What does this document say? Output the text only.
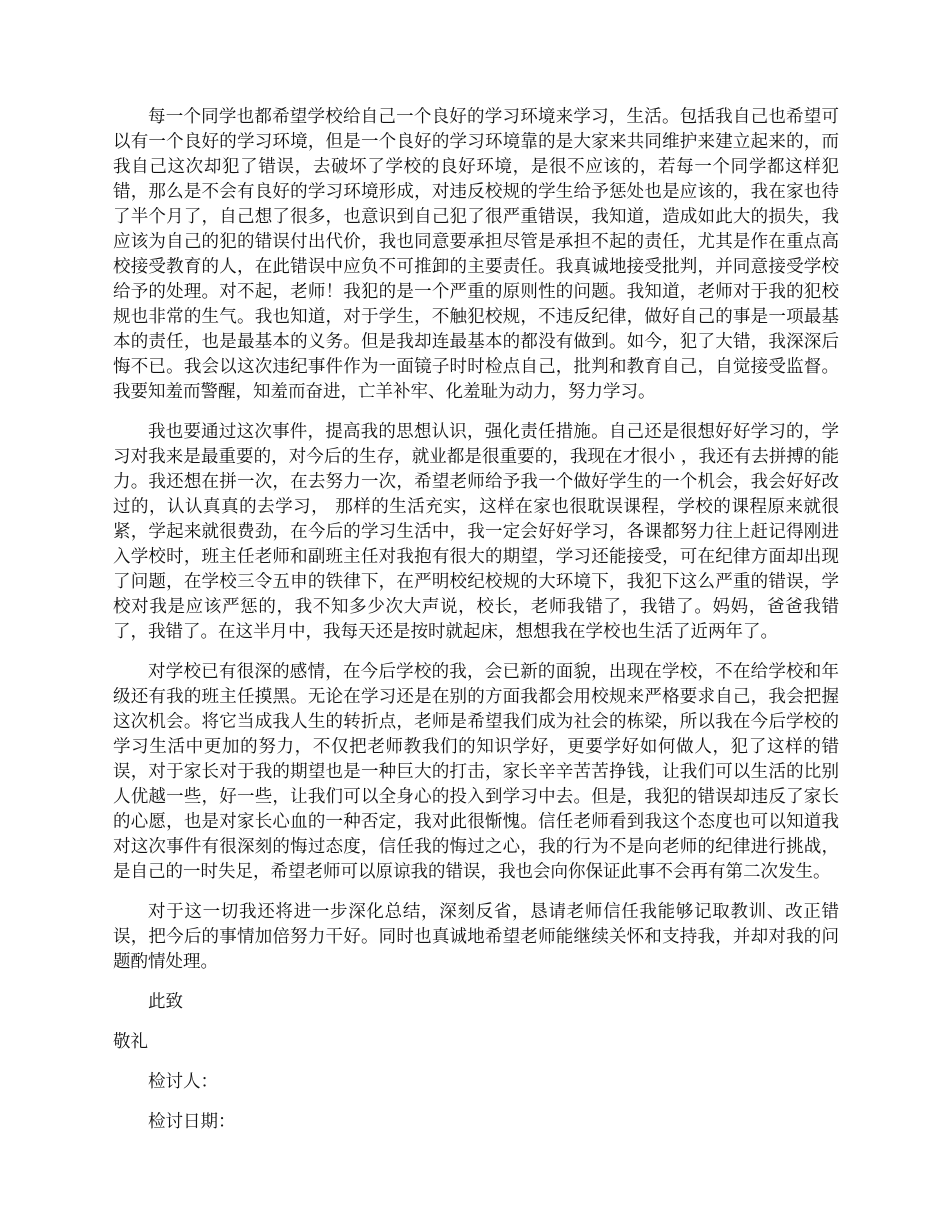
每一个同学也都希望学校给自己一个良好的学习环境来学习，生活。包括我自己也希望可以有一个良好的学习环境，但是一个良好的学习环境靠的是大家来共同维护来建立起来的，而我自己这次却犯了错误，去破坏了学校的良好环境，是很不应该的，若每一个同学都这样犯错，那么是不会有良好的学习环境形成，对违反校规的学生给予惩处也是应该的，我在家也待了半个月了，自己想了很多，也意识到自己犯了很严重错误，我知道，造成如此大的损失，我应该为自己的犯的错误付出代价，我也同意要承担尽管是承担不起的责任，尤其是作在重点高校接受教育的人，在此错误中应负不可推卸的主要责任。我真诚地接受批判，并同意接受学校给予的处理。对不起，老师！我犯的是一个严重的原则性的问题。我知道，老师对于我的犯校规也非常的生气。我也知道，对于学生，不触犯校规，不违反纪律，做好自己的事是一项最基本的责任，也是最基本的义务。但是我却连最基本的都没有做到。如今，犯了大错，我深深后悔不已。我会以这次违纪事件作为一面镜子时时检点自己，批判和教育自己，自觉接受监督。我要知羞而警醒，知羞而奋进，亡羊补牢、化羞耻为动力，努力学习。

我也要通过这次事件，提高我的思想认识，强化责任措施。自己还是很想好好学习的，学习对我来是最重要的，对今后的生存，就业都是很重要的，我现在才很小 ，我还有去拼搏的能力。我还想在拼一次，在去努力一次，希望老师给予我一个做好学生的一个机会，我会好好改过的，认认真真的去学习， 那样的生活充实，这样在家也很耽误课程，学校的课程原来就很紧，学起来就很费劲，在今后的学习生活中，我一定会好好学习，各课都努力往上赶记得刚进入学校时，班主任老师和副班主任对我抱有很大的期望，学习还能接受，可在纪律方面却出现了问题，在学校三令五申的铁律下，在严明校纪校规的大环境下，我犯下这么严重的错误，学校对我是应该严惩的，我不知多少次大声说，校长，老师我错了，我错了。妈妈，爸爸我错了，我错了。在这半月中，我每天还是按时就起床，想想我在学校也生活了近两年了。

对学校已有很深的感情，在今后学校的我，会已新的面貌，出现在学校，不在给学校和年级还有我的班主任摸黑。无论在学习还是在别的方面我都会用校规来严格要求自己，我会把握这次机会。将它当成我人生的转折点，老师是希望我们成为社会的栋梁，所以我在今后学校的学习生活中更加的努力，不仅把老师教我们的知识学好，更要学好如何做人，犯了这样的错误，对于家长对于我的期望也是一种巨大的打击，家长辛辛苦苦挣钱，让我们可以生活的比别人优越一些，好一些，让我们可以全身心的投入到学习中去。但是，我犯的错误却违反了家长的心愿，也是对家长心血的一种否定，我对此很惭愧。信任老师看到我这个态度也可以知道我对这次事件有很深刻的悔过态度，信任我的悔过之心，我的行为不是向老师的纪律进行挑战，是自己的一时失足，希望老师可以原谅我的错误，我也会向你保证此事不会再有第二次发生。

对于这一切我还将进一步深化总结，深刻反省，恳请老师信任我能够记取教训、改正错误，把今后的事情加倍努力干好。同时也真诚地希望老师能继续关怀和支持我，并却对我的问题酌情处理。

此致

敬礼

检讨人：

检讨日期：
